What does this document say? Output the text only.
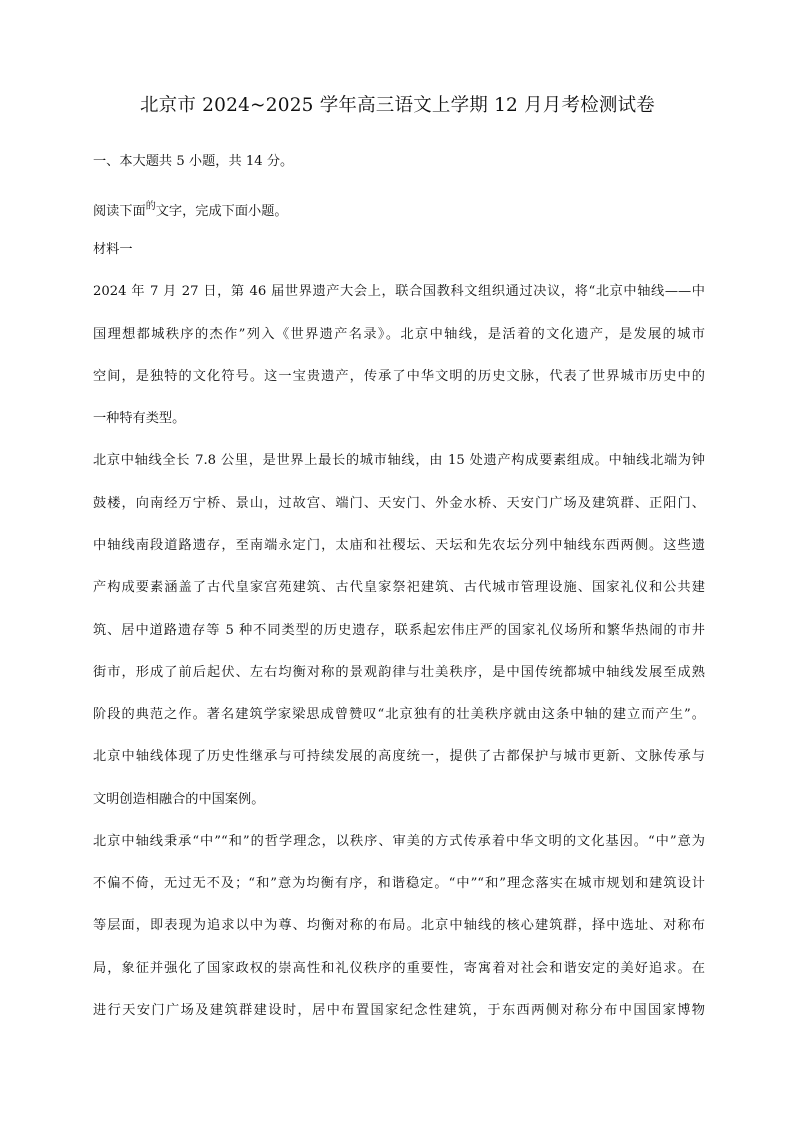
北京市 2024~2025 学年高三语文上学期 12 月月考检测试卷
一、本大题共 5 小题，共 14 分。
阅读下面$^的$文字，完成下面小题。
材料一
2024 年 7 月 27 日，第 46 届世界遗产大会上，联合国教科文组织通过决议，将“北京中轴线——中
国理想都城秩序的杰作”列入《世界遗产名录》。北京中轴线，是活着的文化遗产，是发展的城市
空间，是独特的文化符号。这一宝贵遗产，传承了中华文明的历史文脉，代表了世界城市历史中的
一种特有类型。
北京中轴线全长 7.8 公里，是世界上最长的城市轴线，由 15 处遗产构成要素组成。中轴线北端为钟
鼓楼，向南经万宁桥、景山，过故宫、端门、天安门、外金水桥、天安门广场及建筑群、正阳门、
中轴线南段道路遗存，至南端永定门，太庙和社稷坛、天坛和先农坛分列中轴线东西两侧。这些遗
产构成要素涵盖了古代皇家宫苑建筑、古代皇家祭祀建筑、古代城市管理设施、国家礼仪和公共建
筑、居中道路遗存等 5 种不同类型的历史遗存，联系起宏伟庄严的国家礼仪场所和繁华热闹的市井
街市，形成了前后起伏、左右均衡对称的景观韵律与壮美秩序，是中国传统都城中轴线发展至成熟
阶段的典范之作。著名建筑学家梁思成曾赞叹“北京独有的壮美秩序就由这条中轴的建立而产生”。
北京中轴线体现了历史性继承与可持续发展的高度统一，提供了古都保护与城市更新、文脉传承与
文明创造相融合的中国案例。
北京中轴线秉承“中”“和”的哲学理念，以秩序、审美的方式传承着中华文明的文化基因。“中”意为
不偏不倚，无过无不及；“和”意为均衡有序，和谐稳定。“中”“和”理念落实在城市规划和建筑设计
等层面，即表现为追求以中为尊、均衡对称的布局。北京中轴线的核心建筑群，择中选址、对称布
局，象征并强化了国家政权的崇高性和礼仪秩序的重要性，寄寓着对社会和谐安定的美好追求。在
进行天安门广场及建筑群建设时，居中布置国家纪念性建筑，于东西两侧对称分布中国国家博物
